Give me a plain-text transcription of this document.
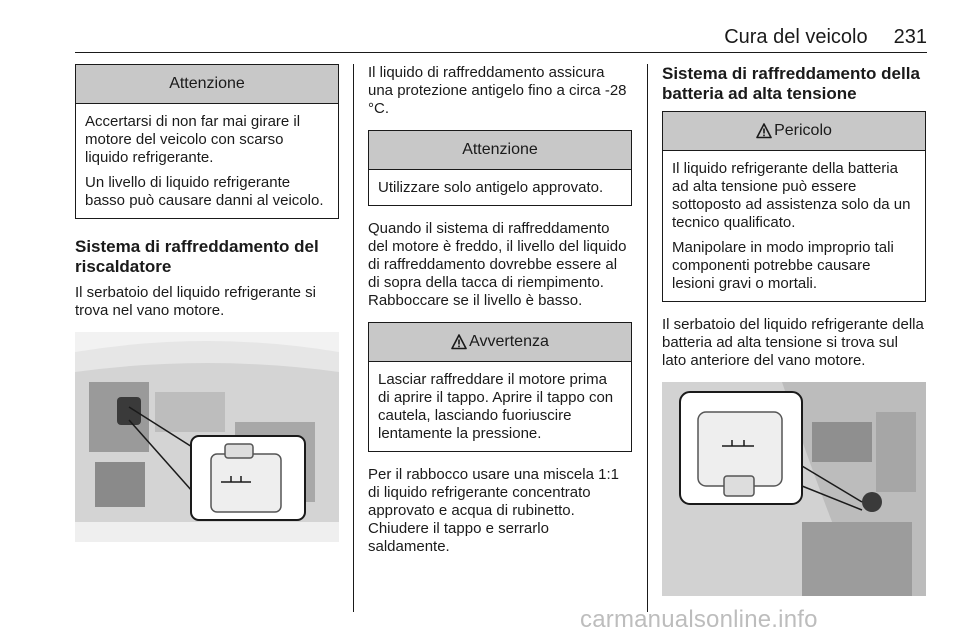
Cura del veicolo 231
Attenzione

Accertarsi di non far mai girare il motore del veicolo con scarso liquido refrigerante.

Un livello di liquido refrigerante basso può causare danni al veicolo.

Sistema di raffreddamento del riscaldatore
Il serbatoio del liquido refrigerante si trova nel vano motore.
Il liquido di raffreddamento assicura una protezione antigelo fino a circa -28 °C.
Attenzione
Utilizzare solo antigelo approvato.
Quando il sistema di raffreddamento del motore è freddo, il livello del liquido di raffreddamento dovrebbe essere al di sopra della tacca di riempimento. Rabboccare se il livello è basso.
Avvertenza
Lasciar raffreddare il motore prima di aprire il tappo. Aprire il tappo con cautela, lasciando fuoriuscire lentamente la pressione.
Per il rabbocco usare una miscela 1:1 di liquido refrigerante concentrato approvato e acqua di rubinetto. Chiudere il tappo e serrarlo saldamente.
Sistema di raffreddamento della batteria ad alta tensione
Pericolo

Il liquido refrigerante della batteria ad alta tensione può essere sottoposto ad assistenza solo da un tecnico qualificato.

Manipolare in modo improprio tali componenti potrebbe causare lesioni gravi o mortali.

Il serbatoio del liquido refrigerante della batteria ad alta tensione si trova sul lato anteriore del vano motore.
carmanualsonline.info
